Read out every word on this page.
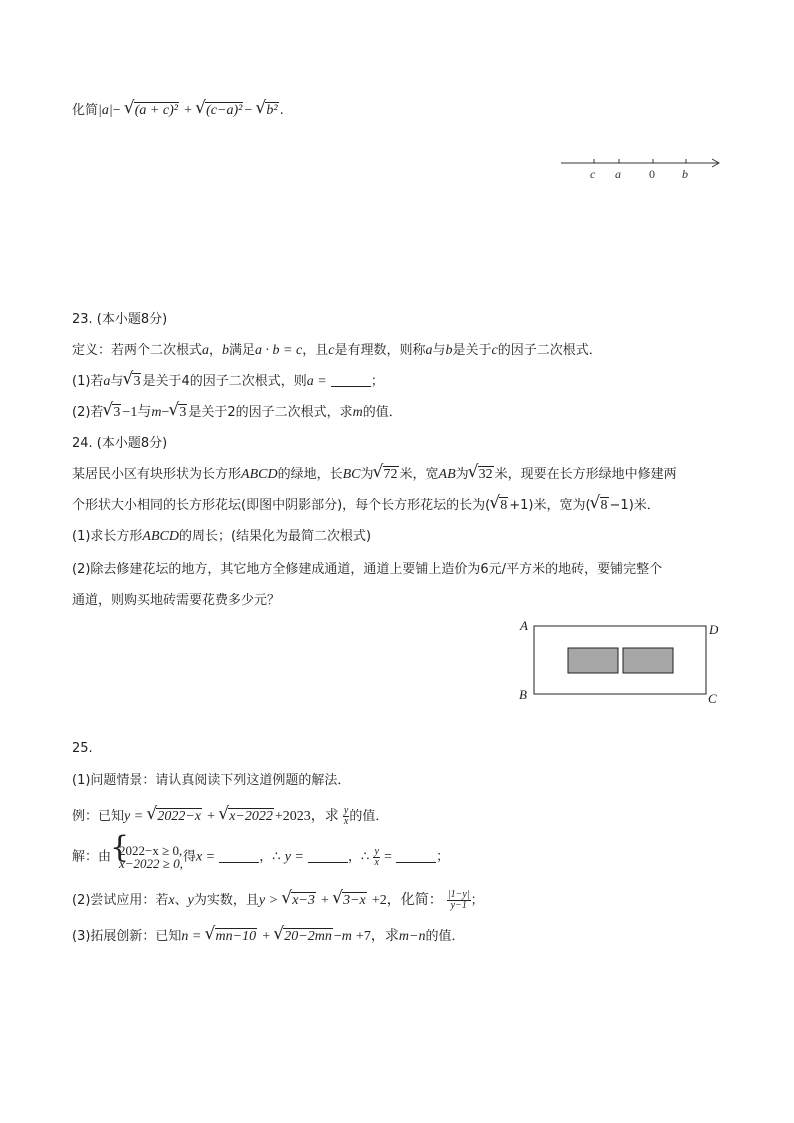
化简|a|− √ (a + c)² + √ (c−a)² − √ b² .
c a 0 b
23. (本小题8分)
定义：若两个二次根式a，b满足a · b = c，且c是有理数，则称a与b是关于c的因子二次根式．
(1)若a与 √ 3 是关于4的因子二次根式，则a =	；
(2)若 √ 3 −1与m− √ 3 是关于2的因子二次根式，求m的值．
24. (本小题8分)
某居民小区有块形状为长方形ABCD的绿地，长BC为 √ 72 米，宽AB为 √ 32 米，现要在长方形绿地中修建两
个形状大小相同的长方形花坛(即图中阴影部分)，每个长方形花坛的长为( √ 8 +1)米，宽为( √ 8 −1)米．
(1)求长方形ABCD的周长；(结果化为最简二次根式)
(2)除去修建花坛的地方，其它地方全修建成通道，通道上要铺上造价为6元/平方米的地砖，要铺完整个
通道，则购买地砖需要花费多少元？
A	D
B	C
25.
(1)问题情景：请认真阅读下列这道例题的解法．
例：已知y = √ 2022−x + √ x−2022 +2023，求 $\frac{y}{x}$ 的值．
解：由 { 2022−x ≥ 0,
x−2022 ≥ 0, 得x =	，∴ y =	，∴ $\frac{y}{x}$ =	；
(2)尝试应用：若x、y为实数，且y > √ x−3 + √ 3−x +2，化简： $\frac{|1-y|}{y-1}$ ；
(3)拓展创新：已知n = √ mn−10 + √ 20−2mn −m +7，求m−n的值．
